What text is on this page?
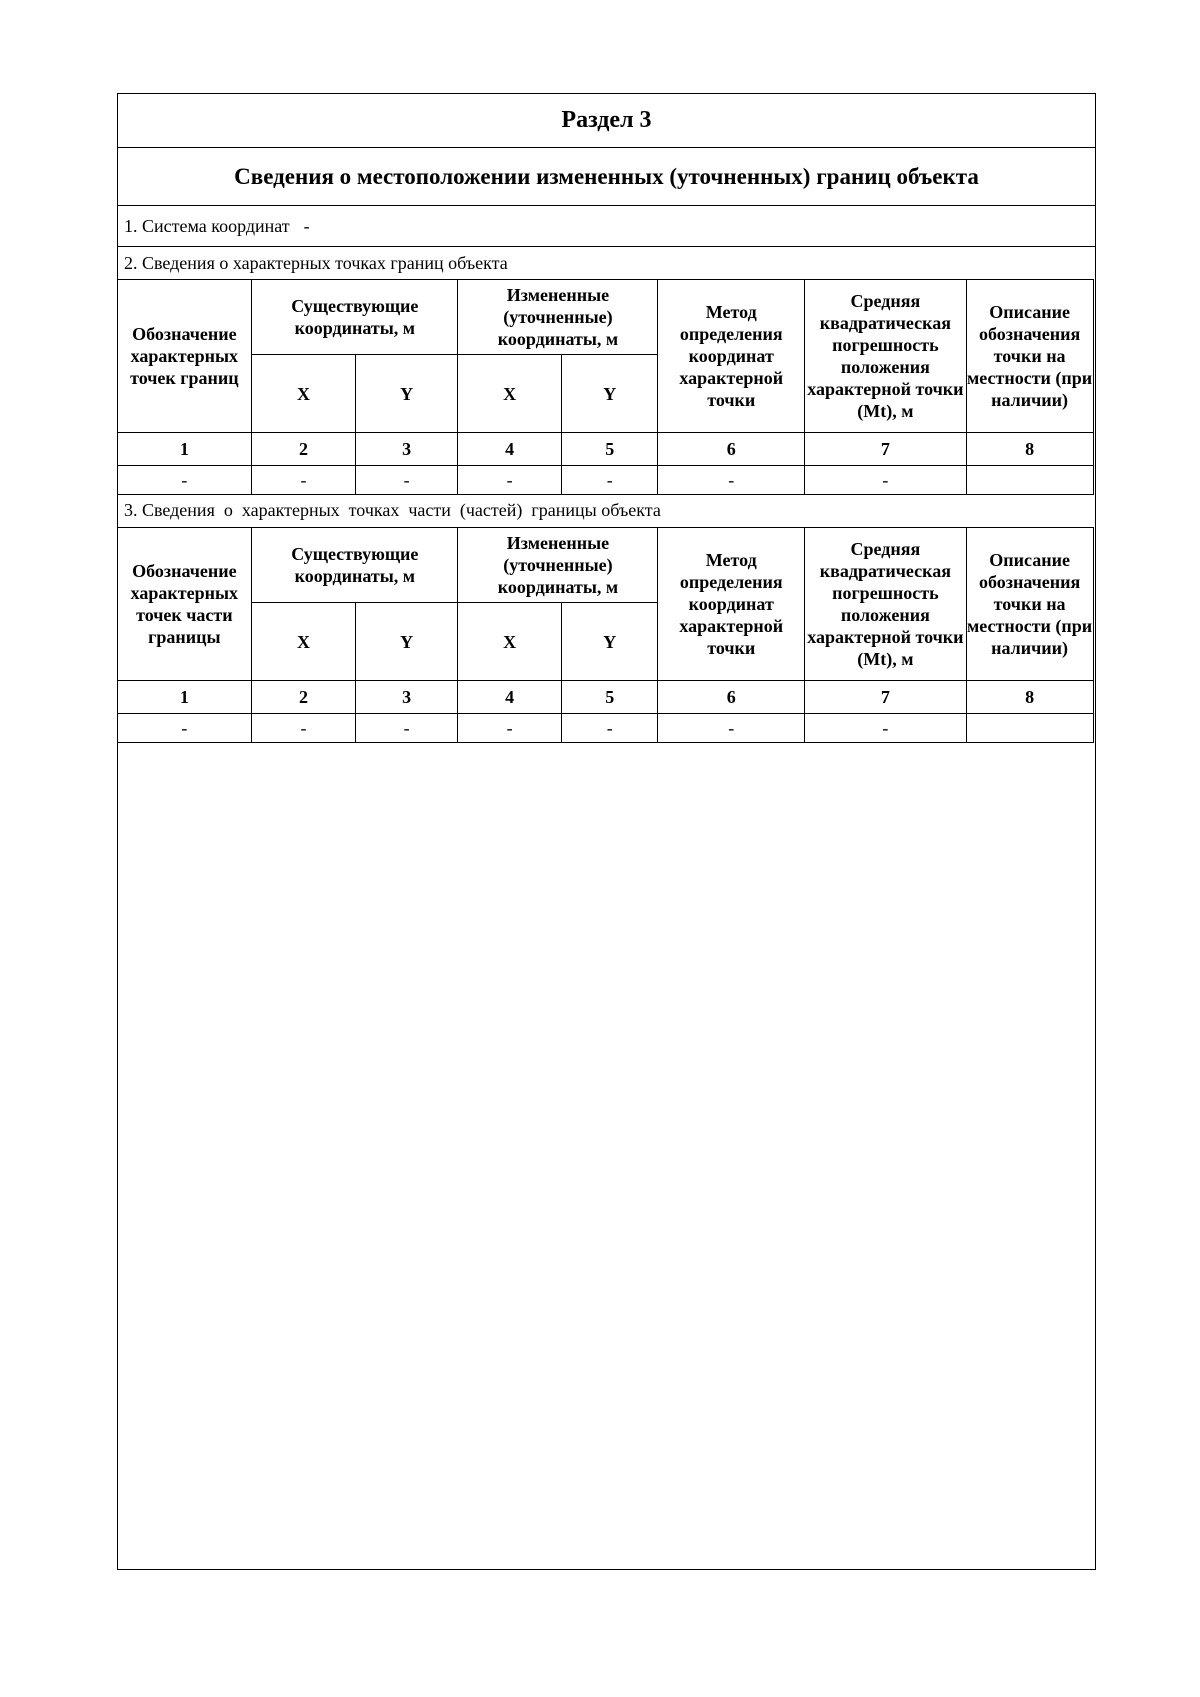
Раздел 3
Сведения о местоположении измененных (уточненных) границ объекта
1. Система координат -
2. Сведения о характерных точках границ объекта
Обозначение характерных точек границ	Существующие координаты, м		Измененные (уточненные) координаты, м		Метод определения координат характерной точки	Средняя квадратическая погрешность положения характерной точки (Mt), м	Описание обозначения точки на местности (при наличии)
	X	Y	X	Y			
1	2	3	4	5	6	7	8
-	-	-	-	-	-	-	
3. Сведения  о  характерных  точках  части  (частей)  границы объекта
Обозначение характерных точек части границы	Существующие координаты, м		Измененные (уточненные) координаты, м		Метод определения координат характерной точки	Средняя квадратическая погрешность положения характерной точки (Mt), м	Описание обозначения точки на местности (при наличии)
	X	Y	X	Y			
1	2	3	4	5	6	7	8
-	-	-	-	-	-	-	
